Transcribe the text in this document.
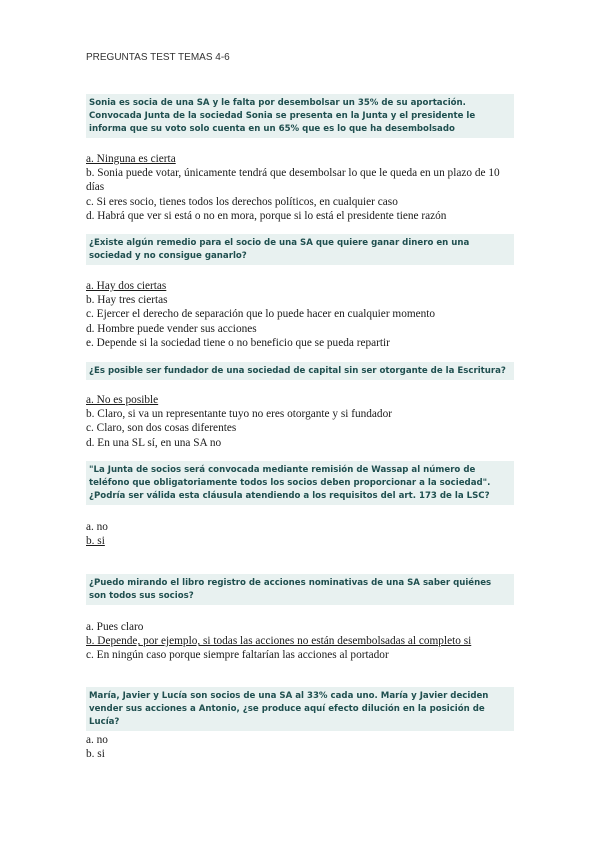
PREGUNTAS TEST TEMAS 4-6
Sonia es socia de una SA y le falta por desembolsar un 35% de su aportación. Convocada Junta de la sociedad Sonia se presenta en la Junta y el presidente le informa que su voto solo cuenta en un 65% que es lo que ha desembolsado
a. Ninguna es cierta
b. Sonia puede votar, únicamente tendrá que desembolsar lo que le queda en un plazo de 10 días
c. Si eres socio, tienes todos los derechos políticos, en cualquier caso
d. Habrá que ver si está o no en mora, porque si lo está el presidente tiene razón
¿Existe algún remedio para el socio de una SA que quiere ganar dinero en una sociedad y no consigue ganarlo?
a. Hay dos ciertas
b. Hay tres ciertas
c. Ejercer el derecho de separación que lo puede hacer en cualquier momento
d. Hombre puede vender sus acciones
e. Depende si la sociedad tiene o no beneficio que se pueda repartir
¿Es posible ser fundador de una sociedad de capital sin ser otorgante de la Escritura?
a. No es posible
b. Claro, si va un representante tuyo no eres otorgante y si fundador
c. Claro, son dos cosas diferentes
d. En una SL sí, en una SA no
"La Junta de socios será convocada mediante remisión de Wassap al número de teléfono que obligatoriamente todos los socios deben proporcionar a la sociedad". ¿Podría ser válida esta cláusula atendiendo a los requisitos del art. 173 de la LSC?
a. no
b. si
¿Puedo mirando el libro registro de acciones nominativas de una SA saber quiénes son todos sus socios?
a. Pues claro
b. Depende, por ejemplo, si todas las acciones no están desembolsadas al completo si
c. En ningún caso porque siempre faltarían las acciones al portador
María, Javier y Lucía son socios de una SA al 33% cada uno. María y Javier deciden vender sus acciones a Antonio, ¿se produce aquí efecto dilución en la posición de Lucía?
a. no
b. si
